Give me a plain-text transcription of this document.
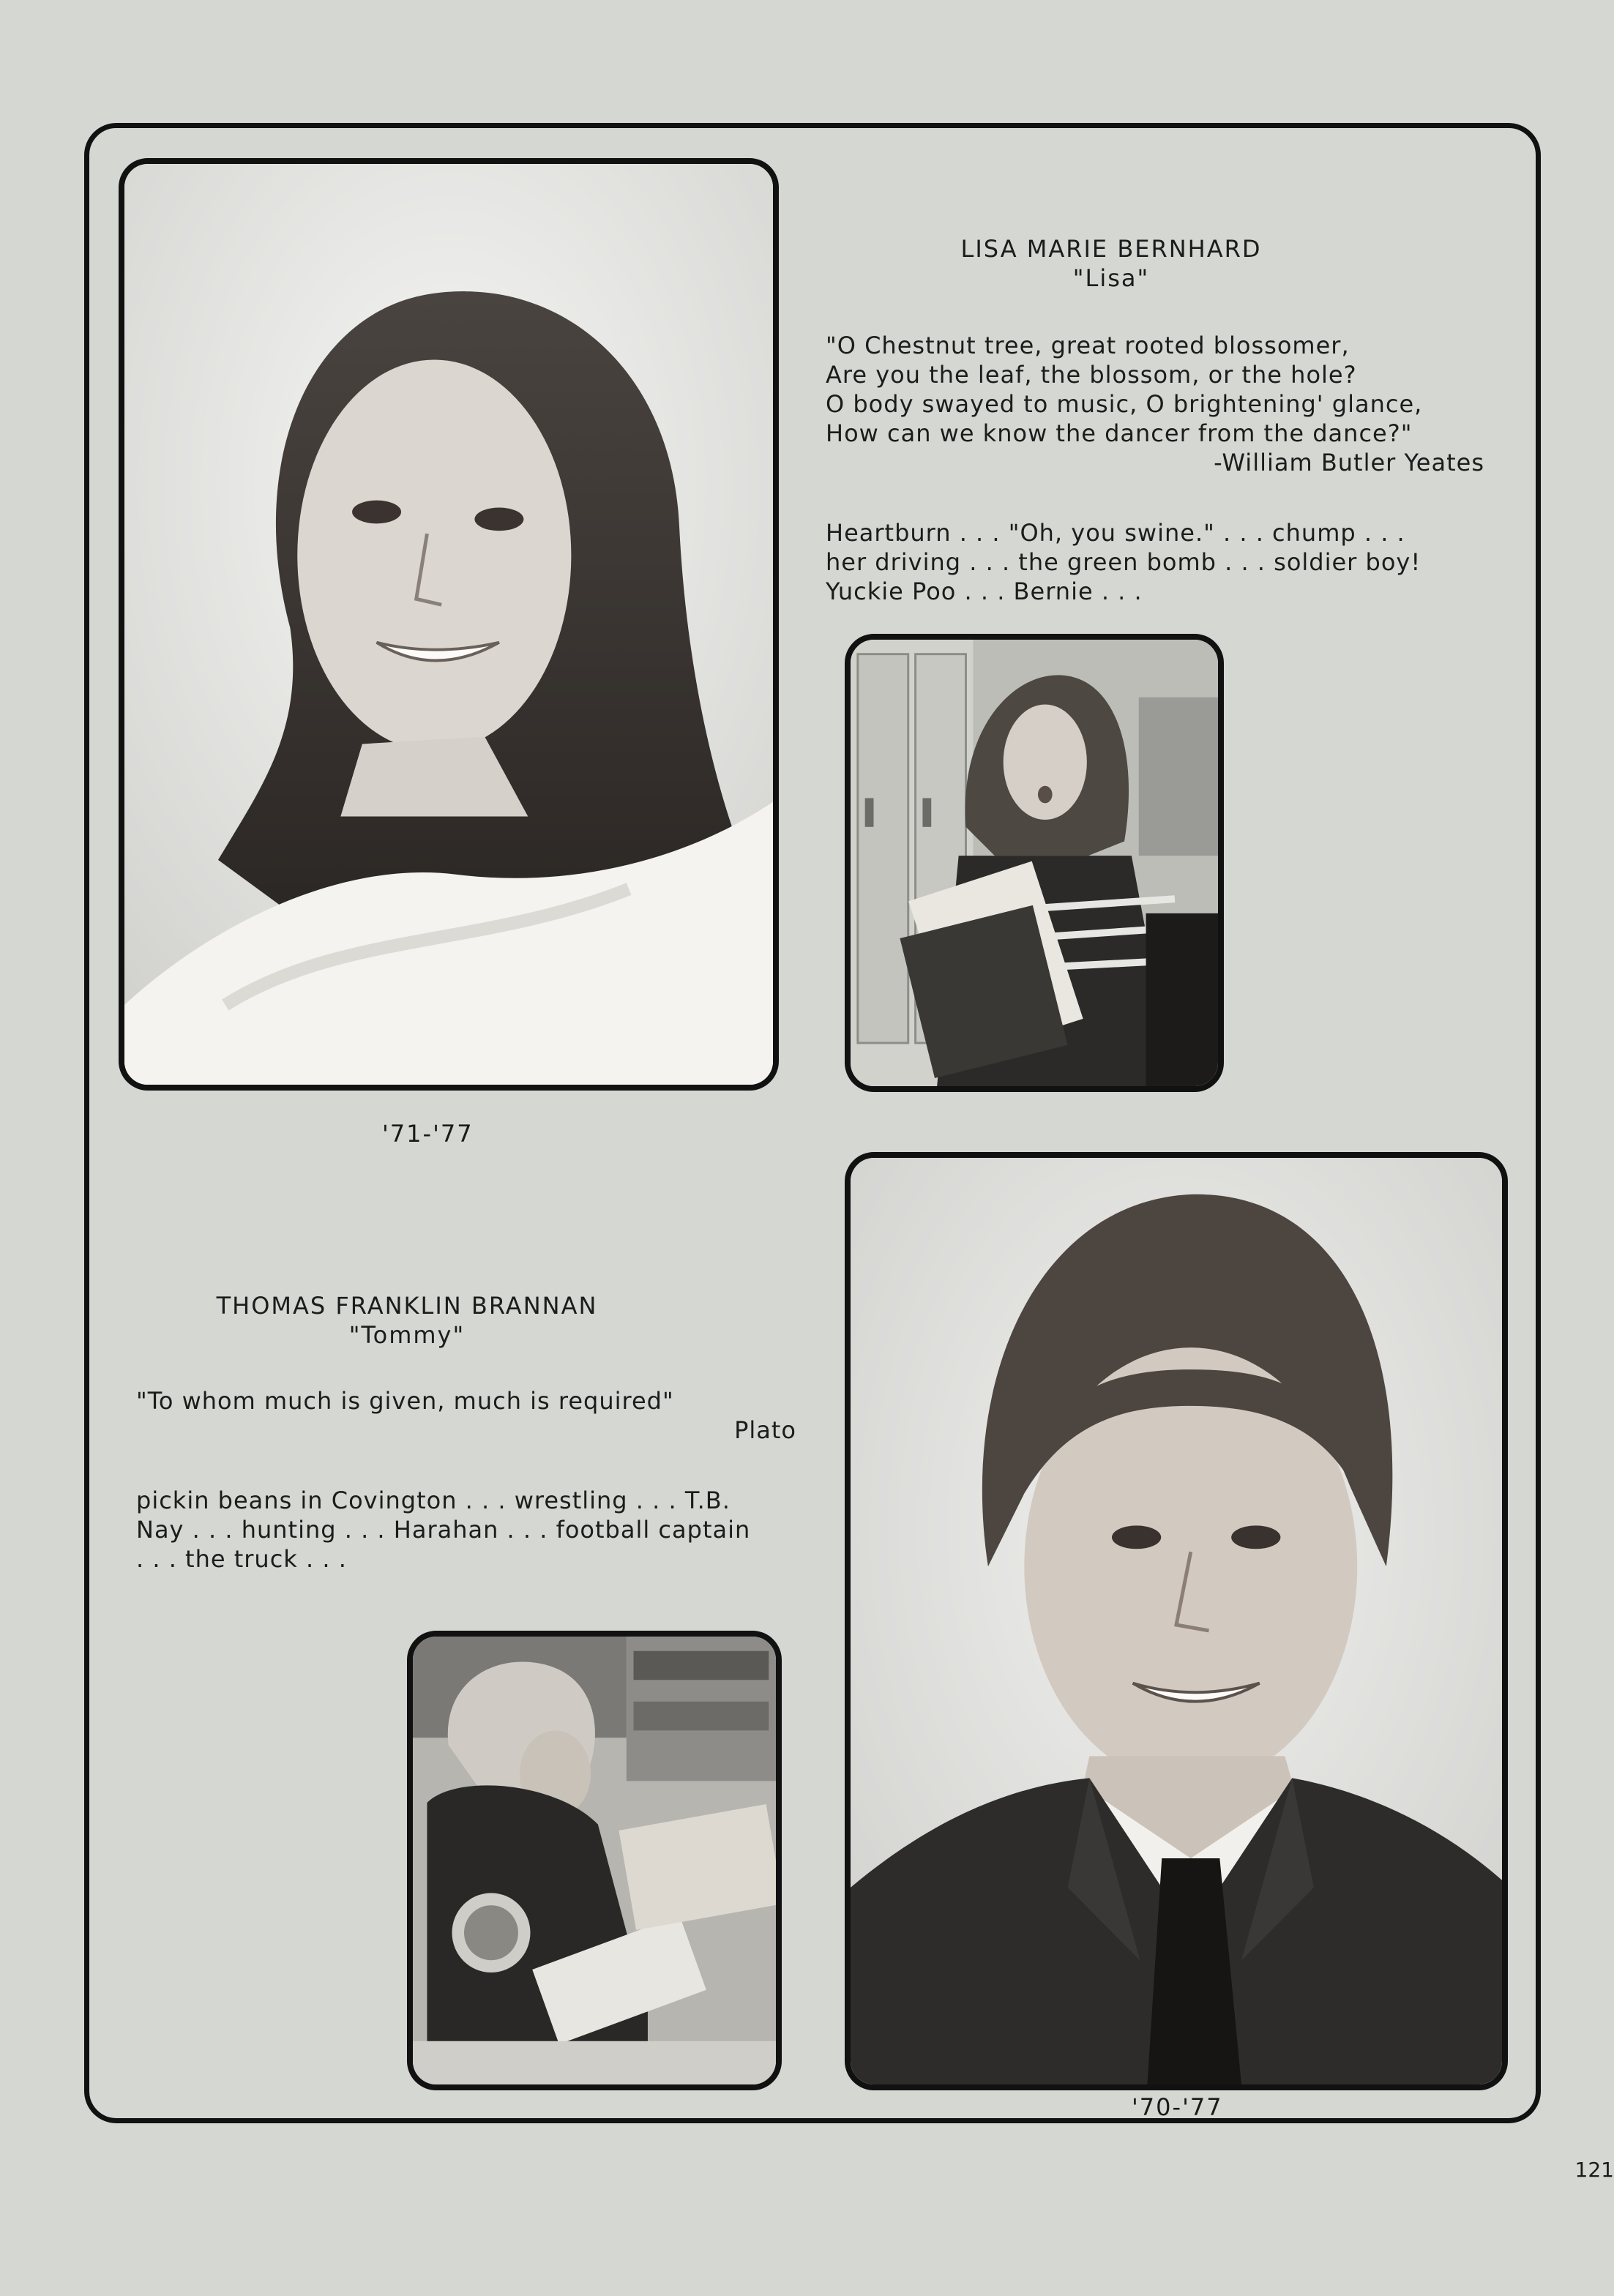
LISA MARIE BERNHARD
"Lisa"
"O Chestnut tree, great rooted blossomer,
Are you the leaf, the blossom, or the hole?
O body swayed to music, O brightening' glance,
How can we know the dancer from the dance?"
-William Butler Yeates
Heartburn . . . "Oh, you swine." . . . chump . . .
her driving . . . the green bomb . . . soldier boy!
Yuckie Poo . . . Bernie . . .
'71-'77
THOMAS FRANKLIN BRANNAN
"Tommy"
"To whom much is given, much is required"
Plato
pickin beans in Covington . . . wrestling . . . T.B.
Nay . . . hunting . . . Harahan . . . football captain
. . . the truck . . .
'70-'77
121
